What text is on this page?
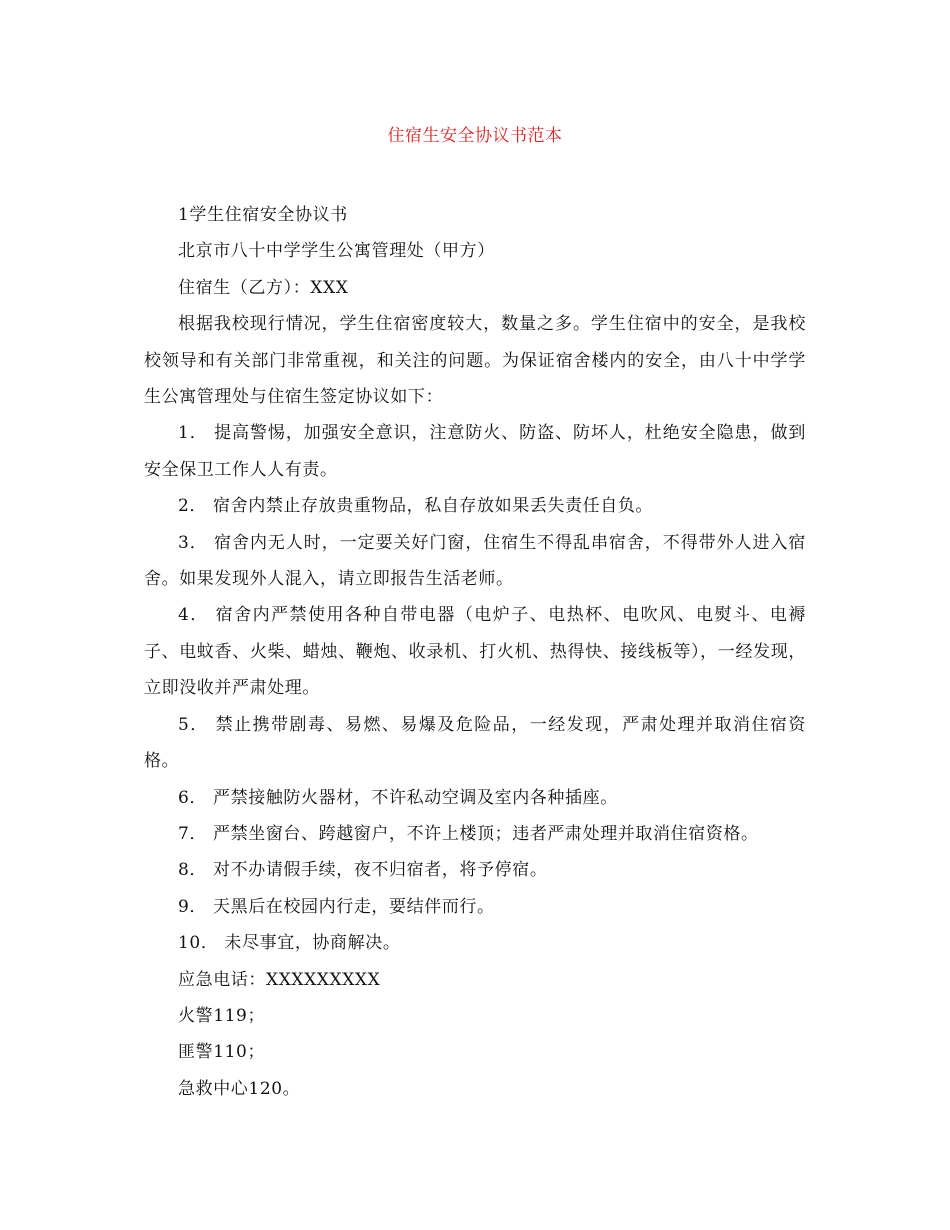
住宿生安全协议书范本

1学生住宿安全协议书

北京市八十中学学生公寓管理处（甲方）

住宿生（乙方）：XXX

根据我校现行情况，学生住宿密度较大，数量之多。学生住宿中的安全，是我校校领导和有关部门非常重视，和关注的问题。为保证宿舍楼内的安全，由八十中学学生公寓管理处与住宿生签定协议如下：

1． 提高警惕，加强安全意识，注意防火、防盗、防坏人，杜绝安全隐患，做到安全保卫工作人人有责。

2． 宿舍内禁止存放贵重物品，私自存放如果丢失责任自负。

3． 宿舍内无人时，一定要关好门窗，住宿生不得乱串宿舍，不得带外人进入宿舍。如果发现外人混入，请立即报告生活老师。

4． 宿舍内严禁使用各种自带电器（电炉子、电热杯、电吹风、电熨斗、电褥子、电蚊香、火柴、蜡烛、鞭炮、收录机、打火机、热得快、接线板等），一经发现，立即没收并严肃处理。

5． 禁止携带剧毒、易燃、易爆及危险品，一经发现，严肃处理并取消住宿资格。

6． 严禁接触防火器材，不许私动空调及室内各种插座。

7． 严禁坐窗台、跨越窗户，不许上楼顶；违者严肃处理并取消住宿资格。

8． 对不办请假手续，夜不归宿者，将予停宿。

9． 天黑后在校园内行走，要结伴而行。

10． 未尽事宜，协商解决。

应急电话：XXXXXXXXX

火警119；

匪警110；

急救中心120。
